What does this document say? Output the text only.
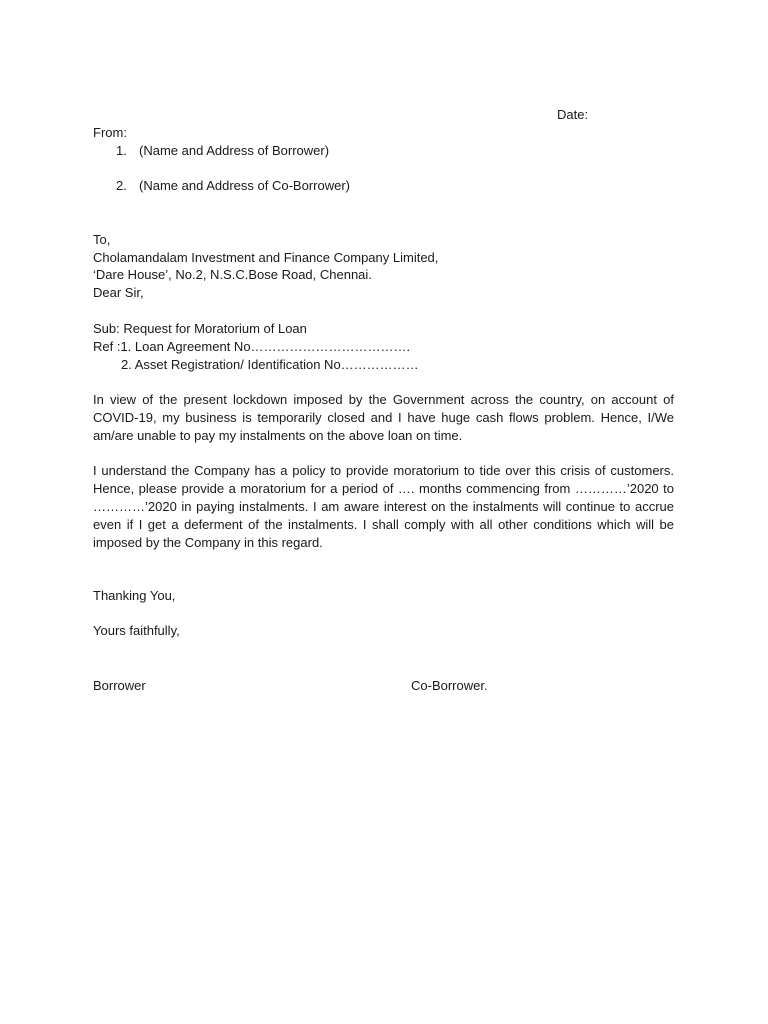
Date:
From:
1. (Name and Address of Borrower)
2. (Name and Address of Co-Borrower)
To,
Cholamandalam Investment and Finance Company Limited,
‘Dare House’, No.2, N.S.C.Bose Road, Chennai.
Dear Sir,
Sub: Request for Moratorium of Loan
Ref :1. Loan Agreement No……………………………….
2. Asset Registration/ Identification No………………
In view of the present lockdown imposed by the Government across the country, on account of COVID-19, my business is temporarily closed and I have huge cash flows problem. Hence, I/We am/are unable to pay my instalments on the above loan on time.
I understand the Company has a policy to provide moratorium to tide over this crisis of customers. Hence, please provide a moratorium for a period of …. months commencing from …………’2020 to …………’2020 in paying instalments. I am aware interest on the instalments will continue to accrue even if I get a deferment of the instalments. I shall comply with all other conditions which will be imposed by the Company in this regard.
Thanking You,
Yours faithfully,
Borrower	Co-Borrower.
